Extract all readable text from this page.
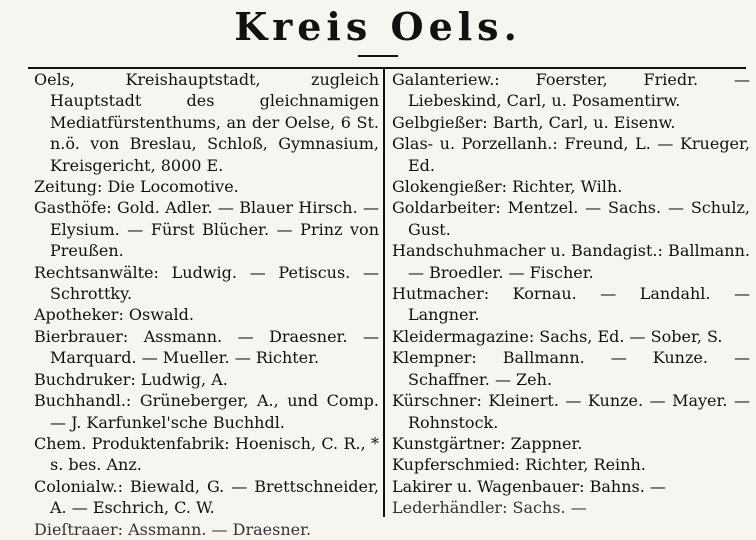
Kreis Oels.

Oels, Kreishauptstadt, zugleich Hauptstadt des gleichnamigen Mediatfürstenthums, an der Oelse, 6 St. n.ö. von Breslau, Schloß, Gymnasium, Kreisgericht, 8000 E.

Zeitung: Die Locomotive.

Gasthöfe: Gold. Adler. — Blauer Hirsch. — Elysium. — Fürst Blücher. — Prinz von Preußen.

Rechtsanwälte: Ludwig. — Petiscus. — Schrottky.

Apotheker: Oswald.

Bierbrauer: Assmann. — Draesner. — Marquard. — Mueller. — Richter.

Buchdruker: Ludwig, A.

Buchhandl.: Grüneberger, A., und Comp. — J. Karfunkel'sche Buchhdl.

Chem. Produktenfabrik: Hoenisch, C. R., * s. bes. Anz.

Colonialw.: Biewald, G. — Brettschneider, A. — Eschrich, C. W.

Dieſtraaer: Assmann. — Draesner.

Galanteriew.: Foerster, Friedr. — Liebeskind, Carl, u. Posamentirw.

Gelbgießer: Barth, Carl, u. Eisenw.

Glas- u. Porzellanh.: Freund, L. — Krueger, Ed.

Glokengießer: Richter, Wilh.

Goldarbeiter: Mentzel. — Sachs. — Schulz, Gust.

Handschuhmacher u. Bandagist.: Ballmann. — Broedler. — Fischer.

Hutmacher: Kornau. — Landahl. — Langner.

Kleidermagazine: Sachs, Ed. — Sober, S.

Klempner: Ballmann. — Kunze. — Schaffner. — Zeh.

Kürschner: Kleinert. — Kunze. — Mayer. — Rohnstock.

Kunstgärtner: Zappner.

Kupferschmied: Richter, Reinh.

Lakirer u. Wagenbauer: Bahns. —

Lederhändler: Sachs. —
